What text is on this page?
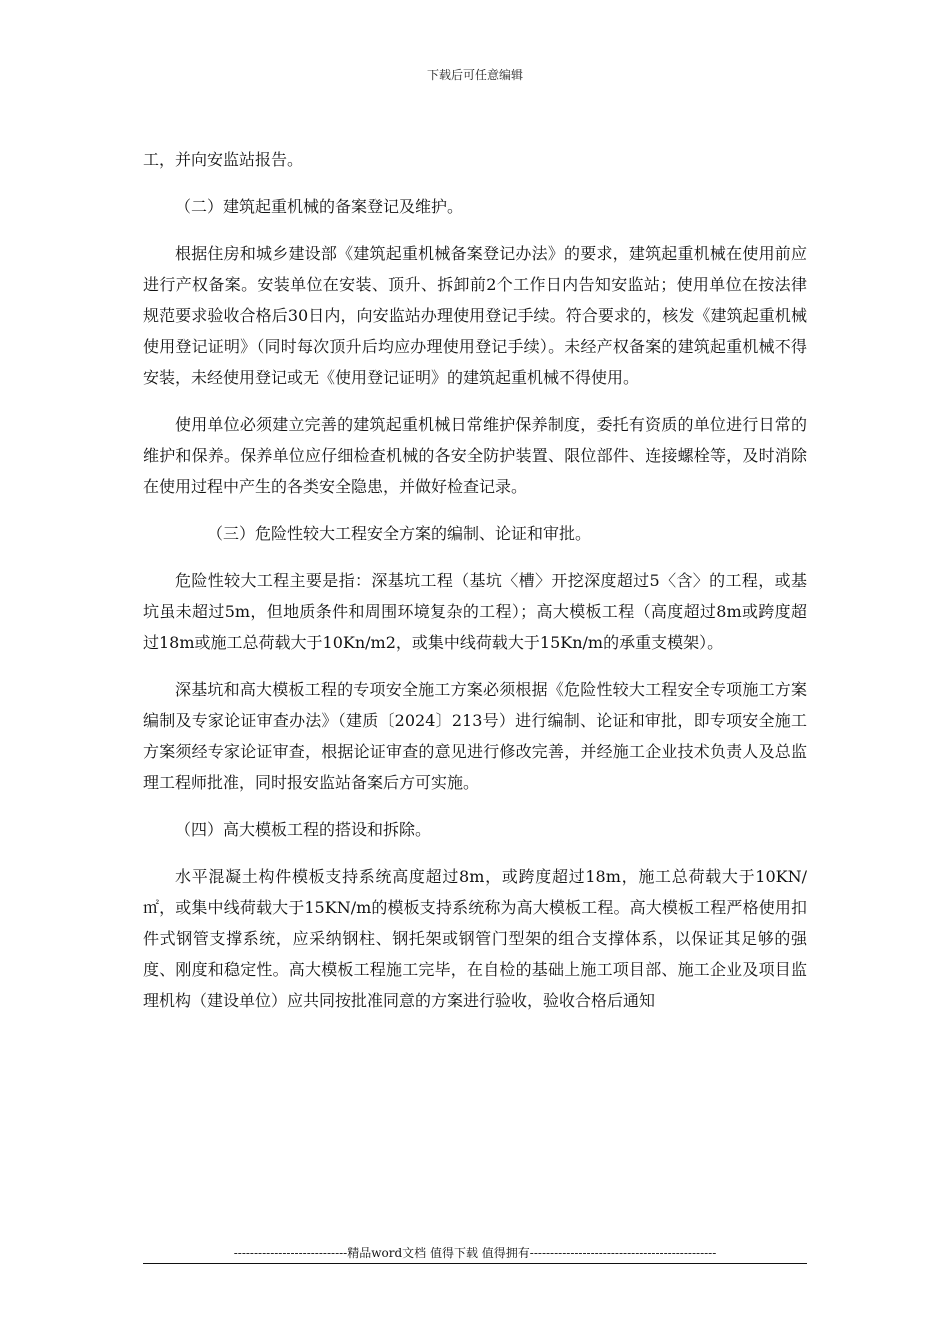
下载后可任意编辑

工，并向安监站报告。

（二）建筑起重机械的备案登记及维护。

根据住房和城乡建设部《建筑起重机械备案登记办法》的要求，建筑起重机械在使用前应进行产权备案。安装单位在安装、顶升、拆卸前2个工作日内告知安监站；使用单位在按法律规范要求验收合格后30日内，向安监站办理使用登记手续。符合要求的，核发《建筑起重机械使用登记证明》（同时每次顶升后均应办理使用登记手续）。未经产权备案的建筑起重机械不得安装，未经使用登记或无《使用登记证明》的建筑起重机械不得使用。

使用单位必须建立完善的建筑起重机械日常维护保养制度，委托有资质的单位进行日常的维护和保养。保养单位应仔细检查机械的各安全防护装置、限位部件、连接螺栓等，及时消除在使用过程中产生的各类安全隐患，并做好检查记录。

（三）危险性较大工程安全方案的编制、论证和审批。

危险性较大工程主要是指：深基坑工程（基坑〈槽〉开挖深度超过5〈含〉的工程，或基坑虽未超过5m，但地质条件和周围环境复杂的工程）；高大模板工程（高度超过8m或跨度超过18m或施工总荷载大于10Kn/m2，或集中线荷载大于15Kn/m的承重支模架）。

深基坑和高大模板工程的专项安全施工方案必须根据《危险性较大工程安全专项施工方案编制及专家论证审查办法》（建质〔2024〕213号）进行编制、论证和审批，即专项安全施工方案须经专家论证审查，根据论证审查的意见进行修改完善，并经施工企业技术负责人及总监理工程师批准，同时报安监站备案后方可实施。

（四）高大模板工程的搭设和拆除。

水平混凝土构件模板支持系统高度超过8m，或跨度超过18m，施工总荷载大于10KN/㎡，或集中线荷载大于15KN/m的模板支持系统称为高大模板工程。高大模板工程严格使用扣件式钢管支撑系统，应采纳钢柱、钢托架或钢管门型架的组合支撑体系，以保证其足够的强度、刚度和稳定性。高大模板工程施工完毕，在自检的基础上施工项目部、施工企业及项目监理机构（建设单位）应共同按批准同意的方案进行验收，验收合格后通知

----------------------------精品word文档 值得下载 值得拥有----------------------------------------------
